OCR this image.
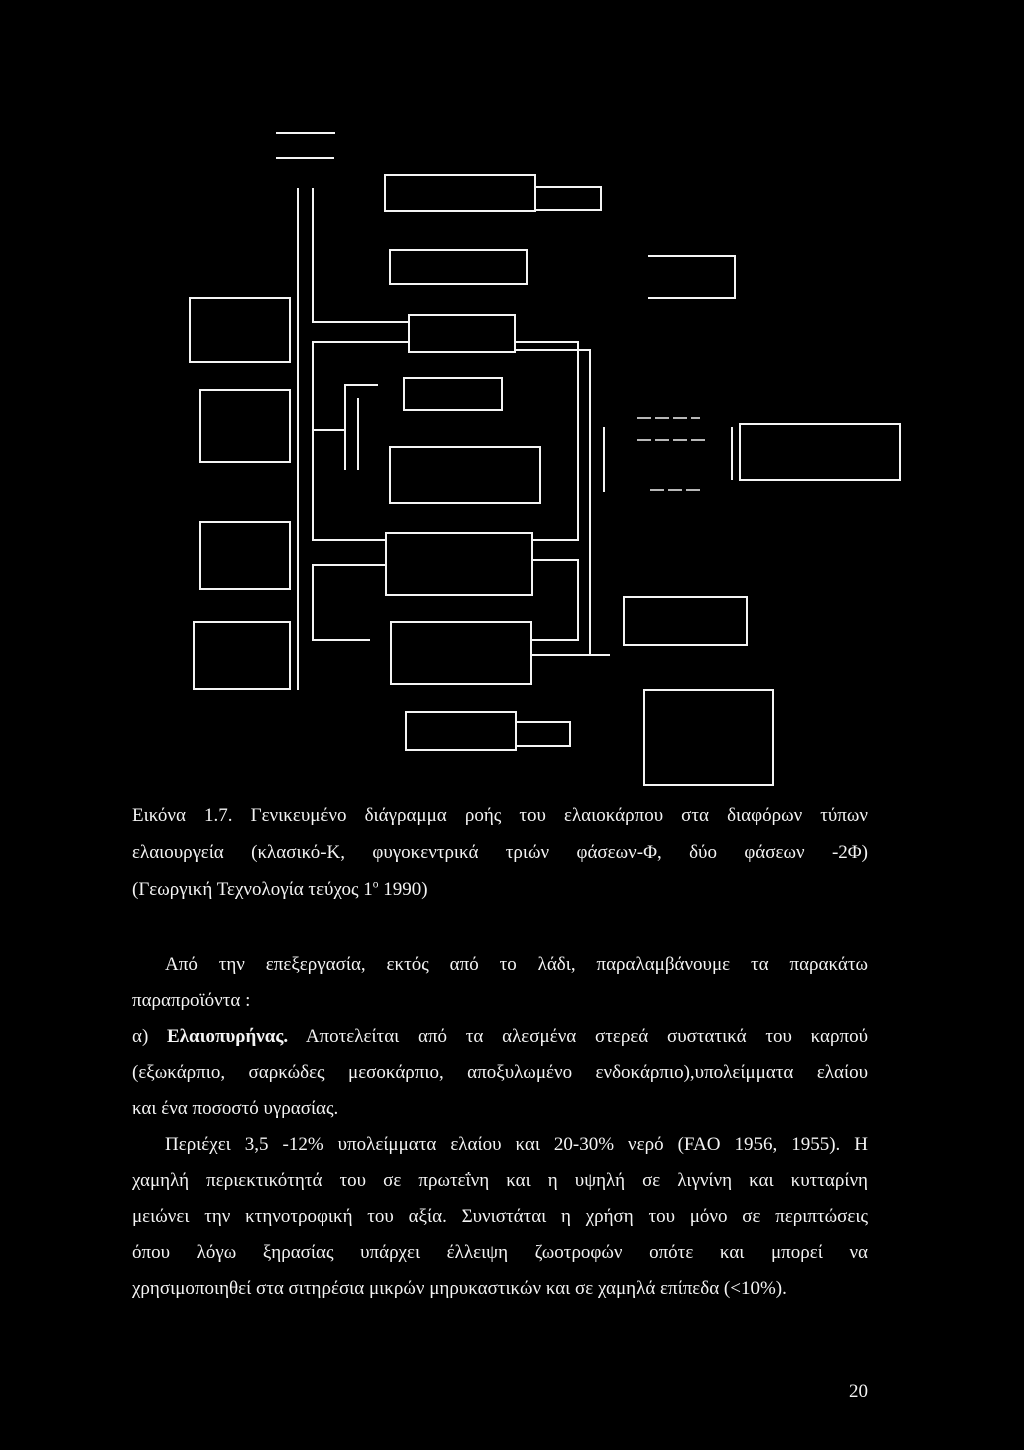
Εικόνα 1.7. Γενικευμένο διάγραμμα ροής του ελαιοκάρπου στα διαφόρων τύπων
ελαιουργεία (κλασικό-Κ, φυγοκεντρικά τριών φάσεων-Φ, δύο φάσεων -2Φ)
(Γεωργική Τεχνολογία τεύχος $1^o$ 1990)
Από την επεξεργασία, εκτός από το λάδι, παραλαμβάνουμε τα παρακάτω
παραπροϊόντα :
α) Ελαιοπυρήνας. Αποτελείται από τα αλεσμένα στερεά συστατικά του καρπού
(εξωκάρπιο, σαρκώδες μεσοκάρπιο, αποξυλωμένο ενδοκάρπιο),υπολείμματα ελαίου
και ένα ποσοστό υγρασίας.
Περιέχει 3,5 -12% υπολείμματα ελαίου και 20-30% νερό (FAO 1956, 1955). Η
χαμηλή περιεκτικότητά του σε πρωτεΐνη και η υψηλή σε λιγνίνη και κυτταρίνη
μειώνει την κτηνοτροφική του αξία. Συνιστάται η χρήση του μόνο σε περιπτώσεις
όπου λόγω ξηρασίας υπάρχει έλλειψη ζωοτροφών οπότε και μπορεί να
χρησιμοποιηθεί στα σιτηρέσια μικρών μηρυκαστικών και σε χαμηλά επίπεδα (<10%).
20
